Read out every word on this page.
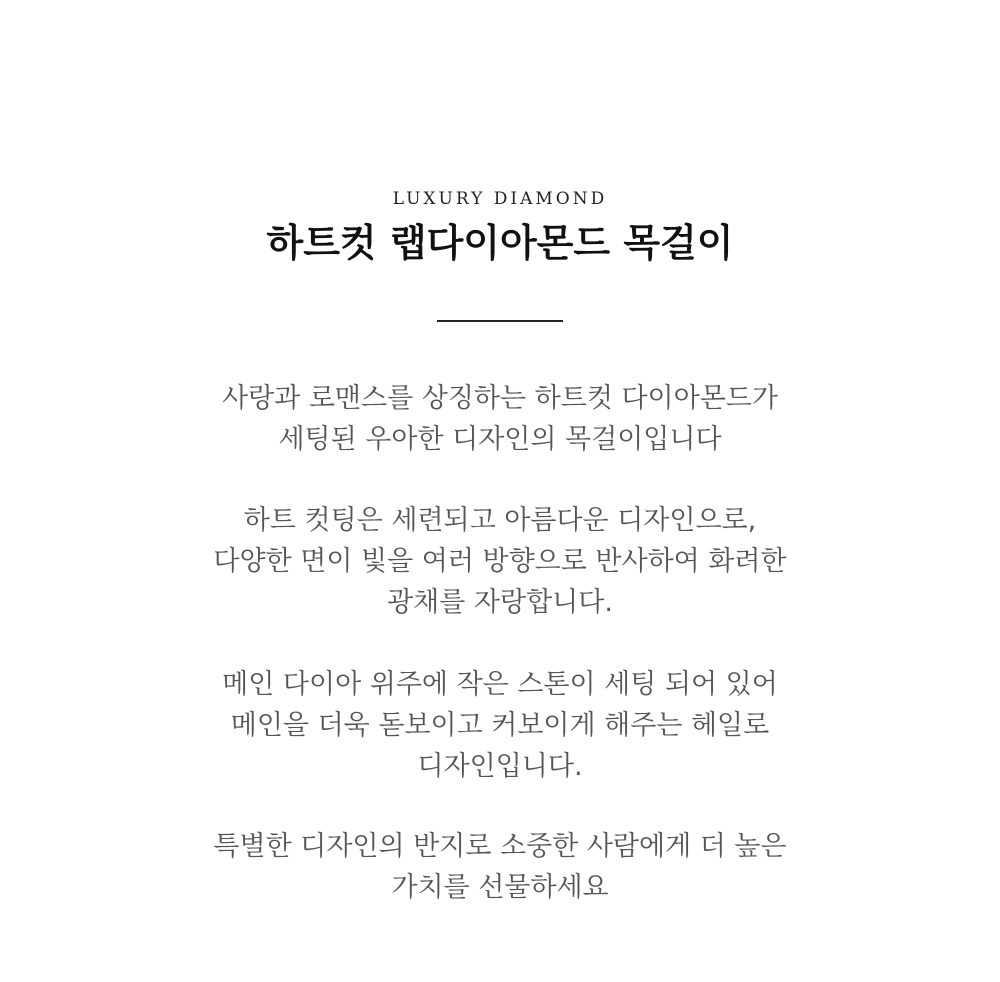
LUXURY DIAMOND
하트컷 랩다이아몬드 목걸이

사랑과 로맨스를 상징하는 하트컷 다이아몬드가
세팅된 우아한 디자인의 목걸이입니다

하트 컷팅은 세련되고 아름다운 디자인으로,
다양한 면이 빛을 여러 방향으로 반사하여 화려한
광채를 자랑합니다.

메인 다이아 위주에 작은 스톤이 세팅 되어 있어
메인을 더욱 돋보이고 커보이게 해주는 헤일로
디자인입니다.

특별한 디자인의 반지로 소중한 사람에게 더 높은
가치를 선물하세요
